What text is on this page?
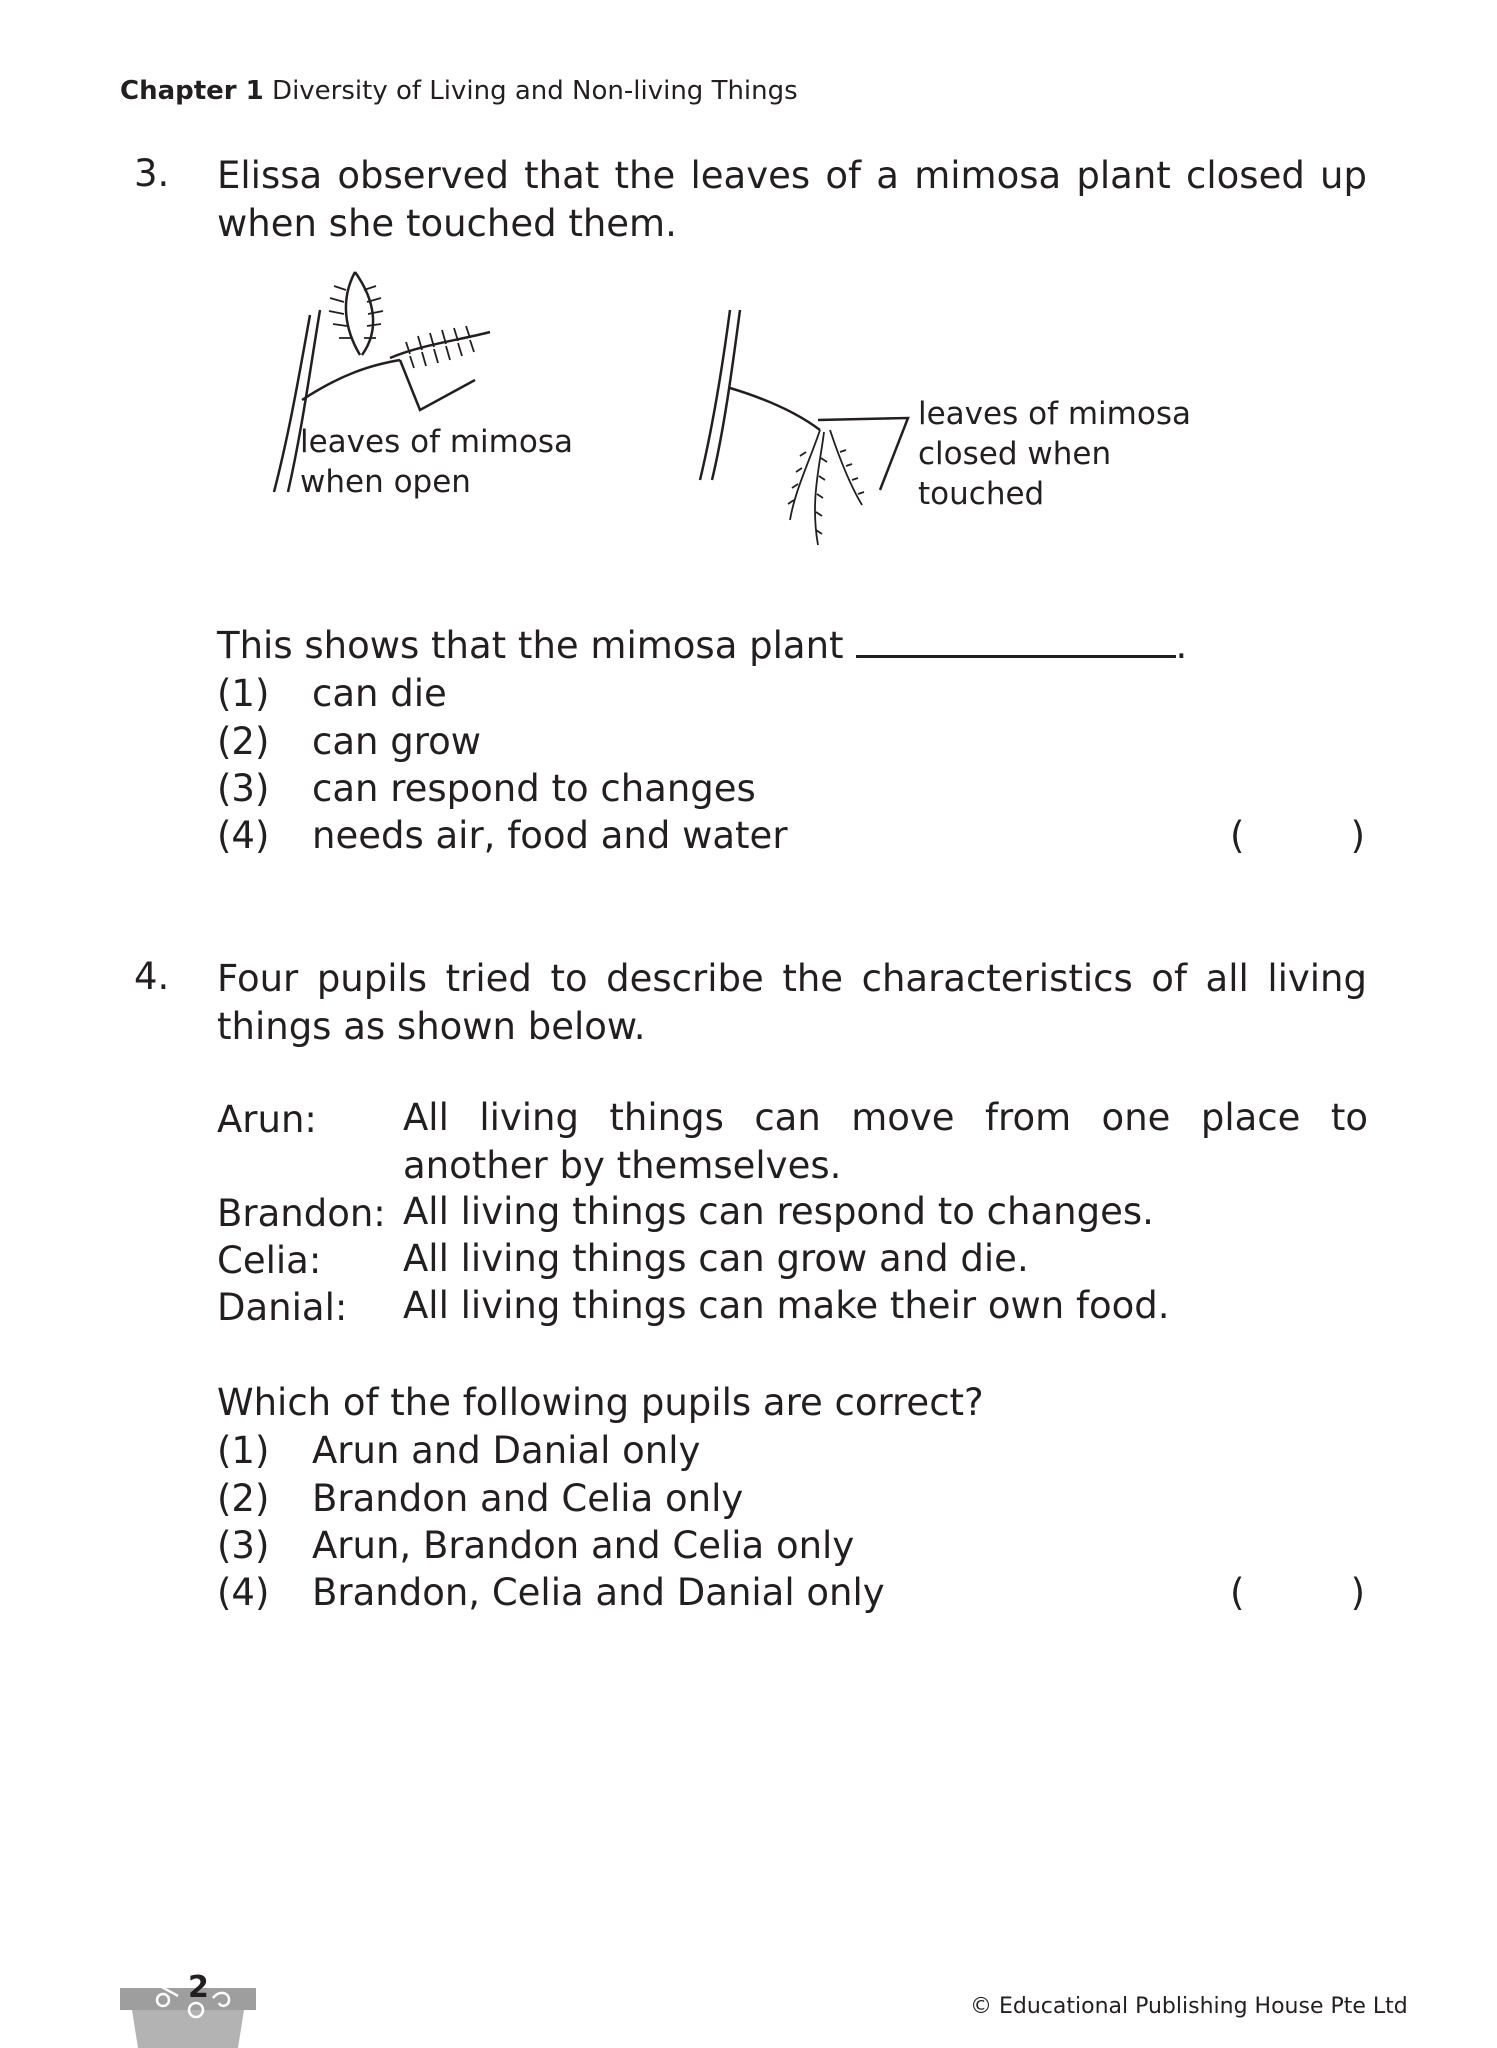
Chapter 1 Diversity of Living and Non-living Things
3. Elissa observed that the leaves of a mimosa plant closed up when she touched them.
leaves of mimosa
when open
leaves of mimosa
closed when
touched
This shows that the mimosa plant	.
(1) can die
(2) can grow
(3) can respond to changes
(4) needs air, food and water	(	)
4. Four pupils tried to describe the characteristics of all living things as shown below.
Arun: All living things can move from one place to another by themselves.
Brandon: All living things can respond to changes.
Celia: All living things can grow and die.
Danial: All living things can make their own food.
Which of the following pupils are correct?
(1) Arun and Danial only
(2) Brandon and Celia only
(3) Arun, Brandon and Celia only
(4) Brandon, Celia and Danial only	(	)
2
© Educational Publishing House Pte Ltd
